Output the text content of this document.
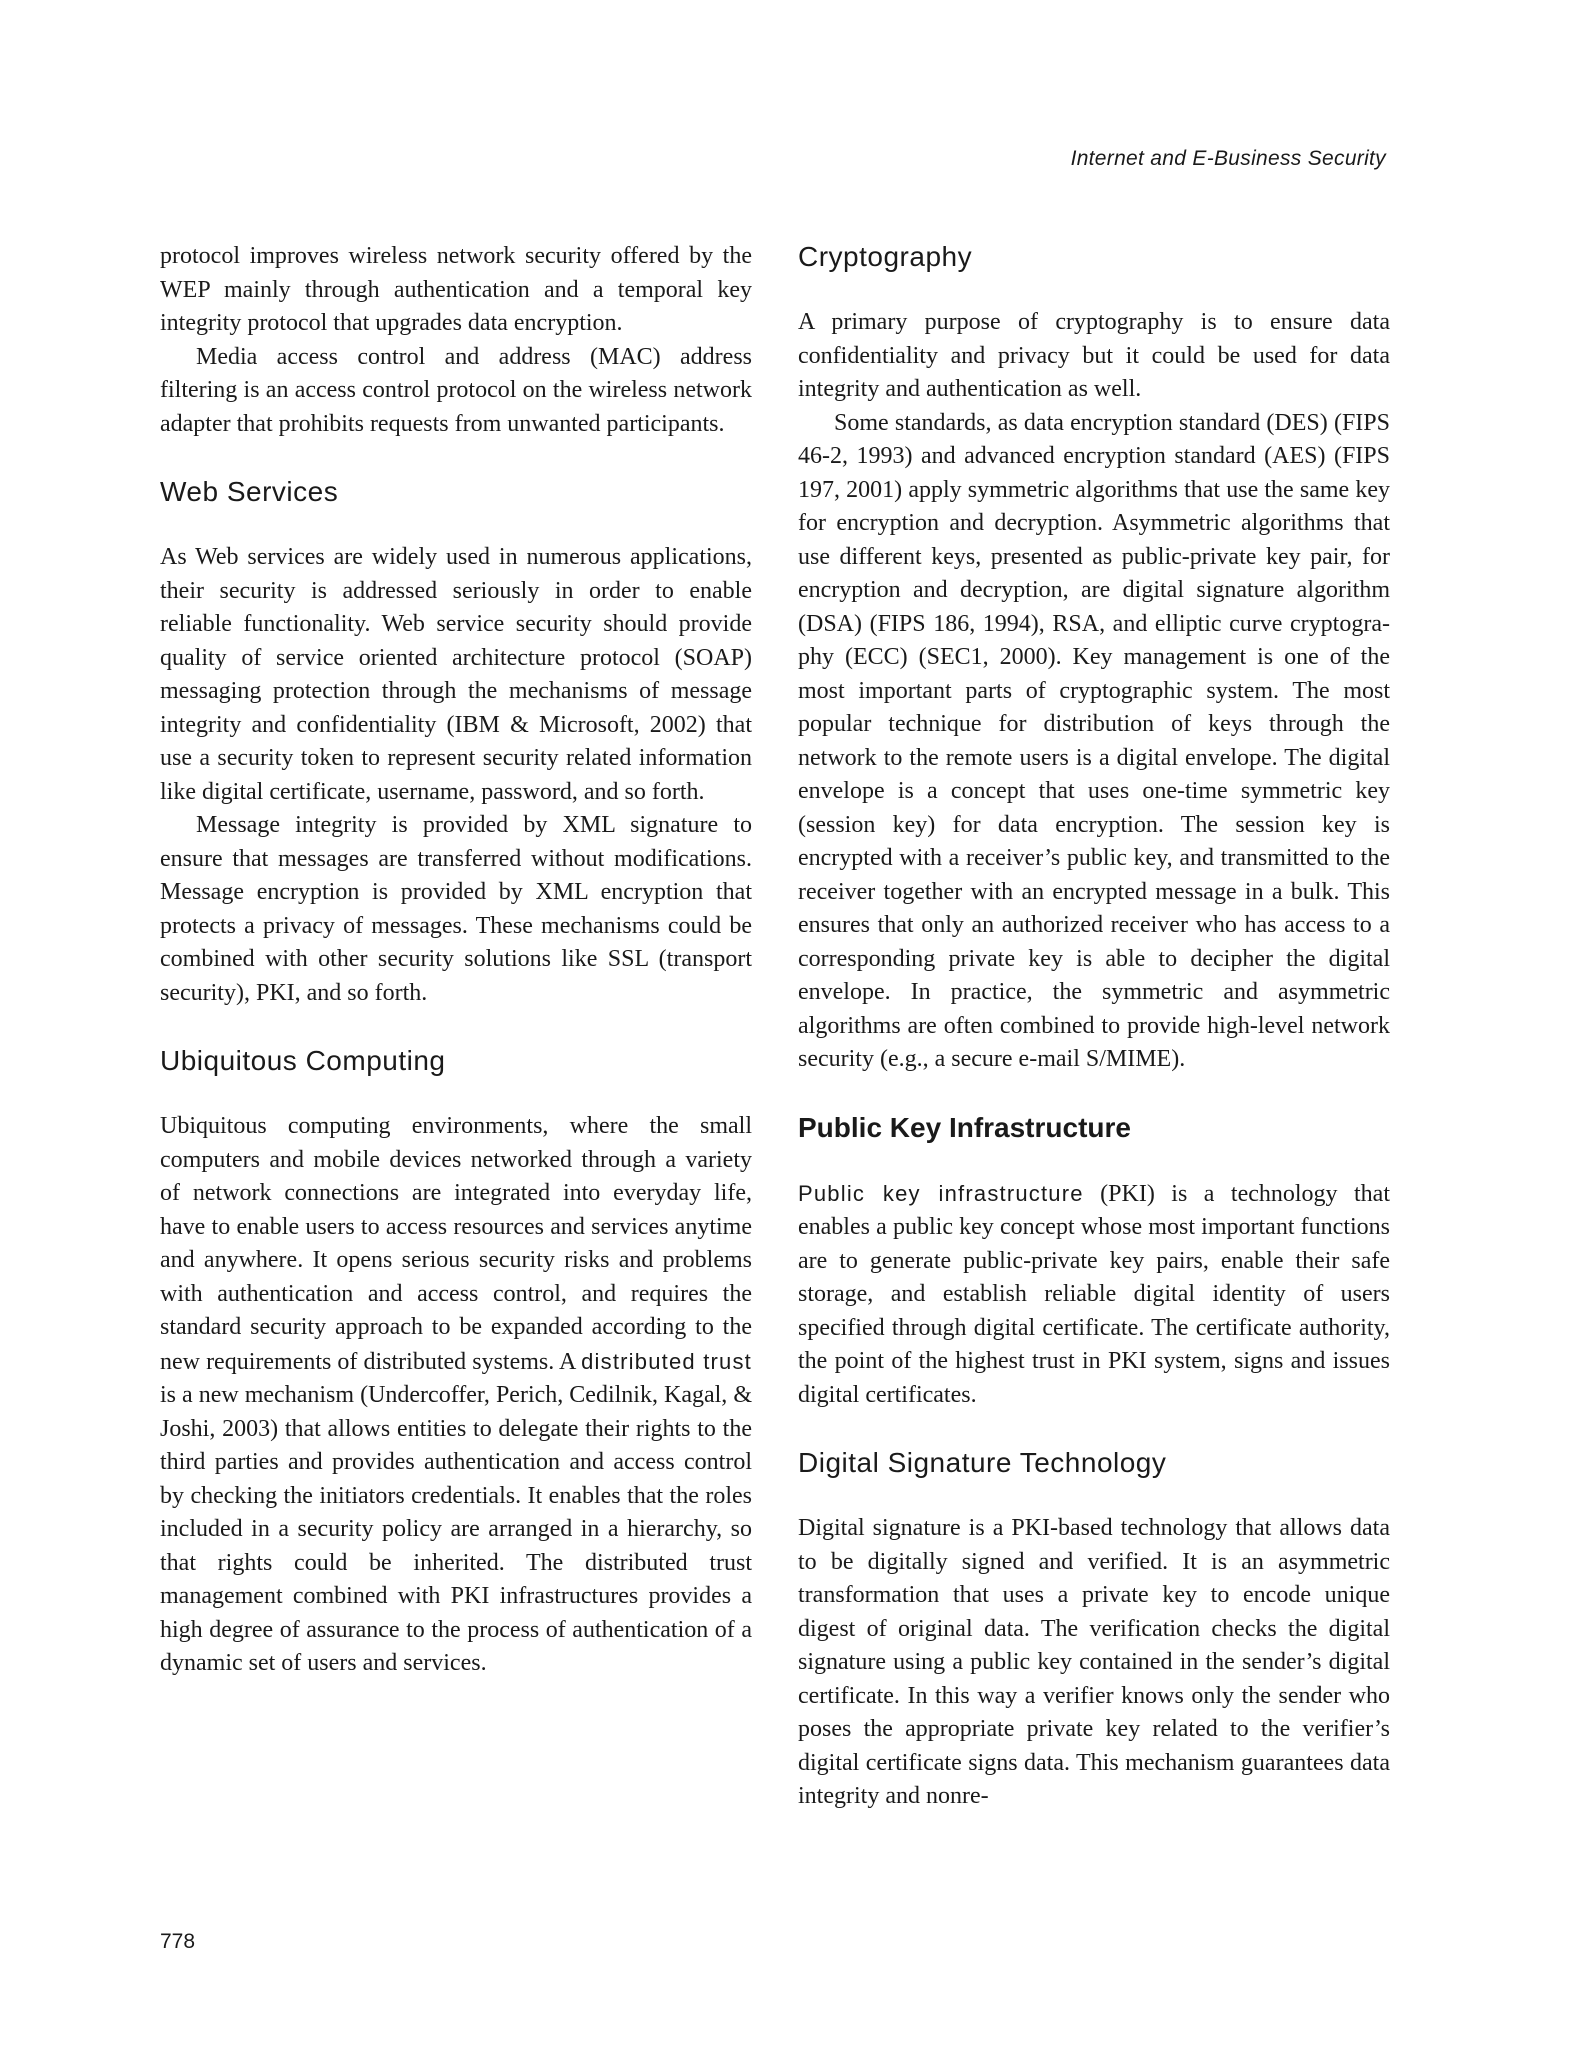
Internet and E-Business Security

protocol improves wireless network security offered by the WEP mainly through authentication and a temporal key integrity protocol that upgrades data encryption.

Media access control and address (MAC) address filtering is an access control protocol on the wireless network adapter that prohibits requests from unwanted participants.

Web Services

As Web services are widely used in numerous applications, their security is addressed seriously in order to enable reliable functionality. Web service security should provide quality of service oriented architecture protocol (SOAP) messaging protection through the mechanisms of message integrity and confidentiality (IBM & Microsoft, 2002) that use a security token to represent security related information like digital certificate, username, password, and so forth.

Message integrity is provided by XML signature to ensure that messages are transferred without modifications. Message encryption is provided by XML encryption that protects a privacy of messages. These mechanisms could be combined with other security solutions like SSL (transport security), PKI, and so forth.

Ubiquitous Computing

Ubiquitous computing environments, where the small computers and mobile devices networked through a variety of network connections are integrated into everyday life, have to enable users to access resources and services anytime and anywhere. It opens serious security risks and problems with authentication and access control, and requires the standard security approach to be expanded according to the new requirements of distributed systems. A distributed trust is a new mechanism (Undercoffer, Perich, Cedilnik, Kagal, & Joshi, 2003) that allows entities to delegate their rights to the third parties and provides authentication and access control by checking the initiators credentials. It enables that the roles included in a security policy are arranged in a hierarchy, so that rights could be inherited. The distributed trust management combined with PKI infrastructures provides a high degree of assurance to the process of authentication of a dynamic set of users and services.

Cryptography

A primary purpose of cryptography is to ensure data confidentiality and privacy but it could be used for data integrity and authentication as well.

Some standards, as data encryption standard (DES) (FIPS 46-2, 1993) and advanced encryption standard (AES) (FIPS 197, 2001) apply symmetric algorithms that use the same key for encryption and decryption. Asymmetric algorithms that use different keys, presented as public-private key pair, for encryption and decryption, are digital signature algorithm (DSA) (FIPS 186, 1994), RSA, and elliptic curve cryptography (ECC) (SEC1, 2000). Key management is one of the most important parts of cryptographic system. The most popular technique for distribution of keys through the network to the remote users is a digital envelope. The digital envelope is a concept that uses one-time symmetric key (session key) for data encryption. The session key is encrypted with a receiver’s public key, and transmitted to the receiver together with an encrypted message in a bulk. This ensures that only an authorized receiver who has access to a corresponding private key is able to decipher the digital envelope. In practice, the symmetric and asymmetric algorithms are often combined to provide high-level network security (e.g., a secure e-mail S/MIME).

Public Key Infrastructure

Public key infrastructure (PKI) is a technology that enables a public key concept whose most important functions are to generate public-private key pairs, enable their safe storage, and establish reliable digital identity of users specified through digital certificate. The certificate authority, the point of the highest trust in PKI system, signs and issues digital certificates.

Digital Signature Technology

Digital signature is a PKI-based technology that allows data to be digitally signed and verified. It is an asymmetric transformation that uses a private key to encode unique digest of original data. The verification checks the digital signature using a public key contained in the sender’s digital certificate. In this way a verifier knows only the sender who poses the appropriate private key related to the verifier’s digital certificate signs data. This mechanism guarantees data integrity and nonre-

778
